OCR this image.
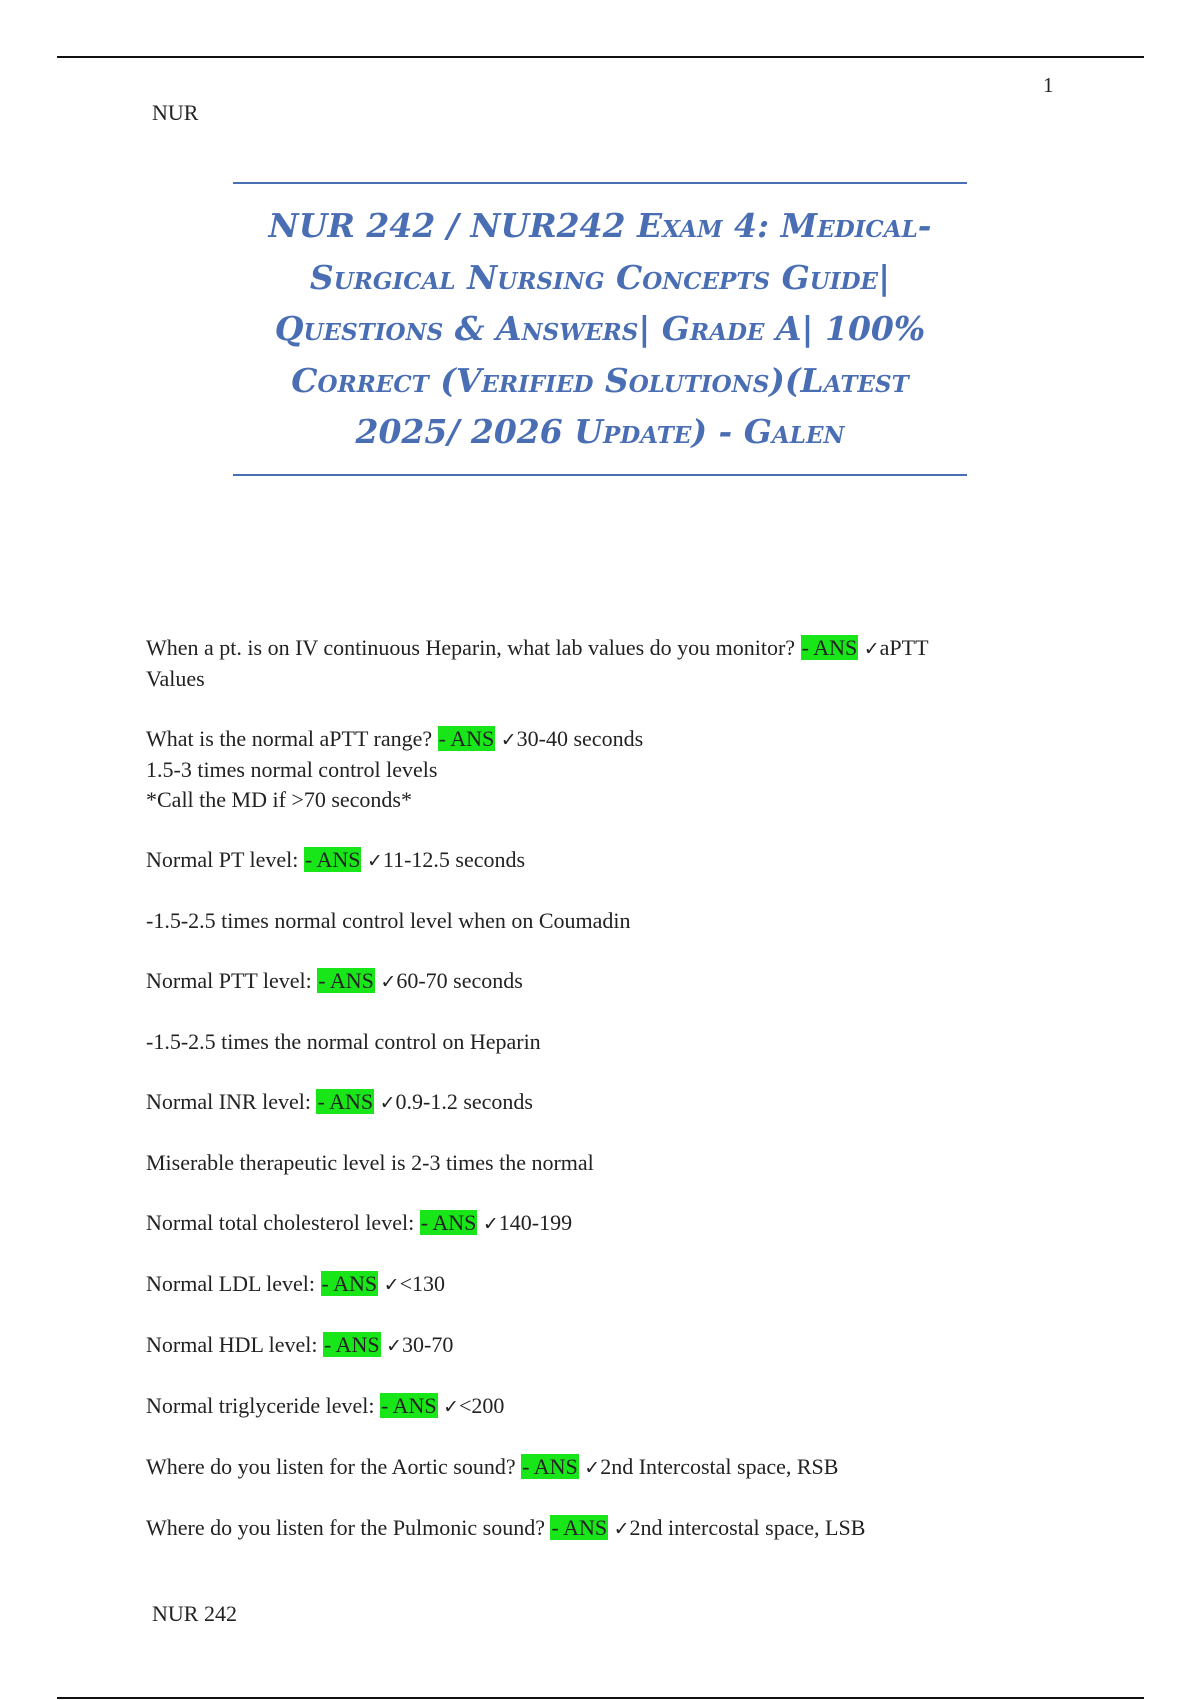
1
NUR
NUR 242 / NUR242 Exam 4: Medical-
Surgical Nursing Concepts Guide|
Questions & Answers| Grade A| 100%
Correct (Verified Solutions)(Latest
2025/ 2026 Update) - Galen
When a pt. is on IV continuous Heparin, what lab values do you monitor? - ANS ✓aPTT
Values
What is the normal aPTT range? - ANS ✓30-40 seconds
1.5-3 times normal control levels
*Call the MD if >70 seconds*
Normal PT level: - ANS ✓11-12.5 seconds
-1.5-2.5 times normal control level when on Coumadin
Normal PTT level: - ANS ✓60-70 seconds
-1.5-2.5 times the normal control on Heparin
Normal INR level: - ANS ✓0.9-1.2 seconds
Miserable therapeutic level is 2-3 times the normal
Normal total cholesterol level: - ANS ✓140-199
Normal LDL level: - ANS ✓<130
Normal HDL level: - ANS ✓30-70
Normal triglyceride level: - ANS ✓<200
Where do you listen for the Aortic sound? - ANS ✓2nd Intercostal space, RSB
Where do you listen for the Pulmonic sound? - ANS ✓2nd intercostal space, LSB
NUR 242
